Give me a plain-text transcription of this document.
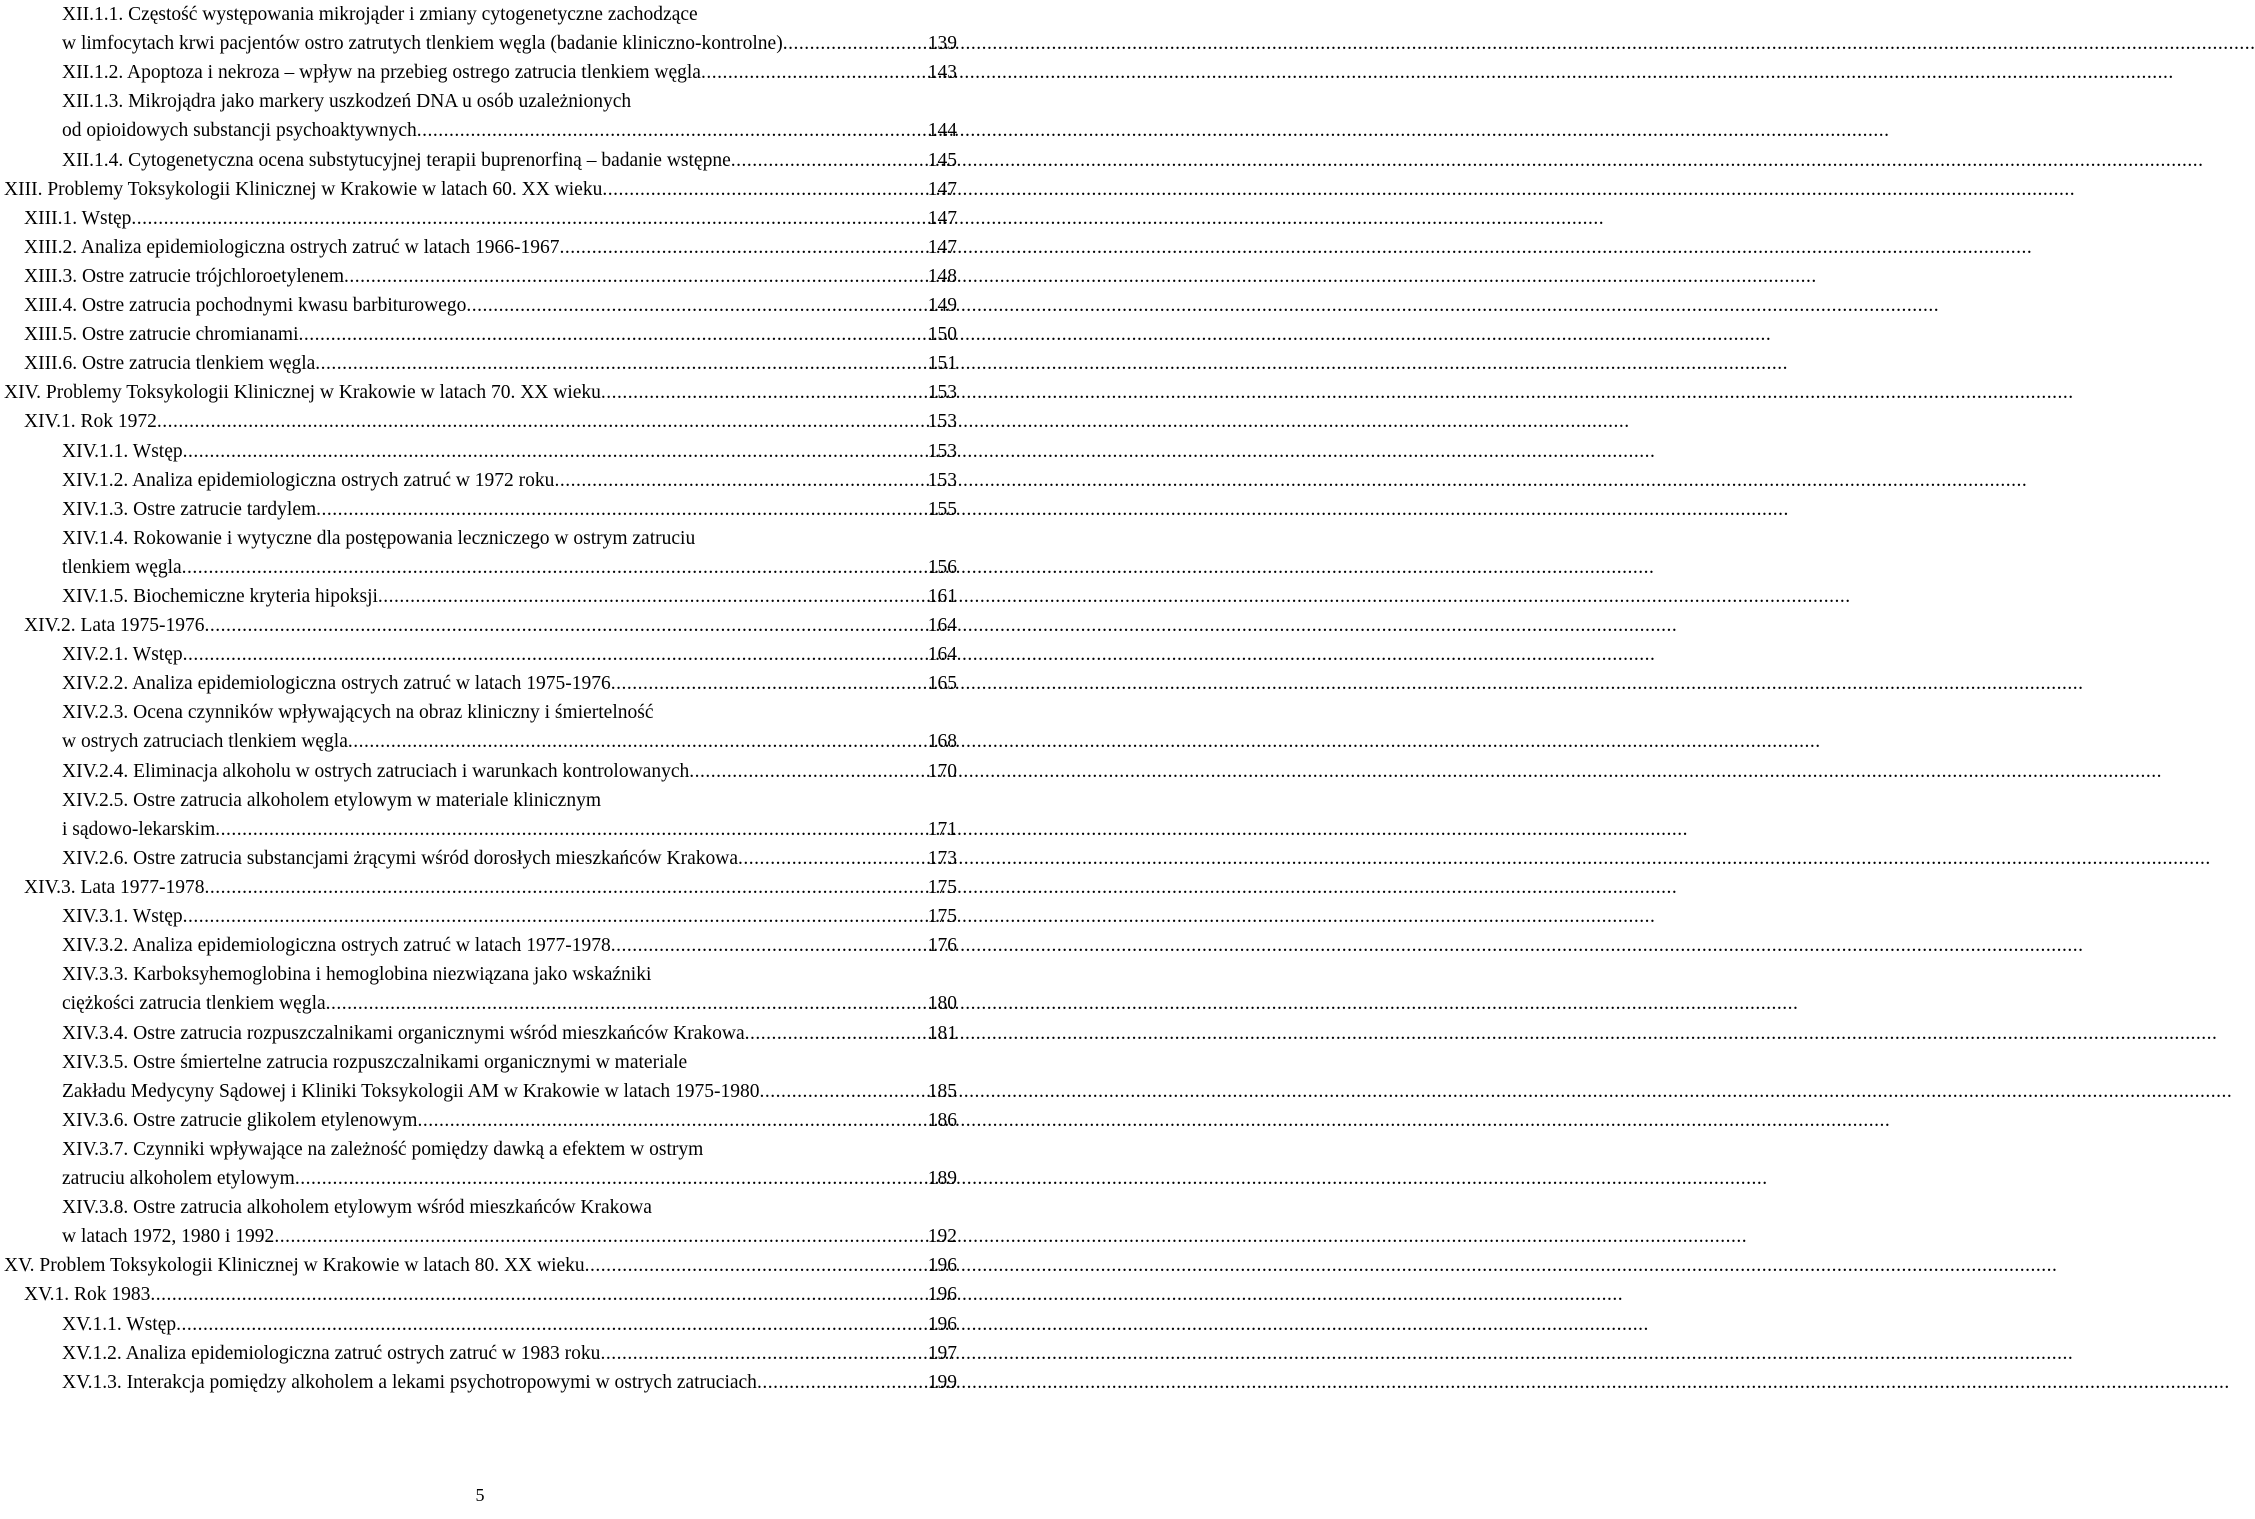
XII.1.1. Częstość występowania mikrojąder i zmiany cytogenetyczne zachodzące
w limfocytach krwi pacjentów ostro zatrutych tlenkiem węgla (badanie kliniczno-kontrolne) .....	139
XII.1.2. Apoptoza i nekroza – wpływ na przebieg ostrego zatrucia tlenkiem węgla .....	143
XII.1.3. Mikrojądra jako markery uszkodzeń DNA u osób uzależnionych
od opioidowych substancji psychoaktywnych .....	144
XII.1.4. Cytogenetyczna ocena substytucyjnej terapii buprenorfiną – badanie wstępne .....	145
XIII. Problemy Toksykologii Klinicznej w Krakowie w latach 60. XX wieku .....	147
XIII.1. Wstęp .....	147
XIII.2. Analiza epidemiologiczna ostrych zatruć w latach 1966-1967 .....	147
XIII.3. Ostre zatrucie trójchloroetylenem .....	148
XIII.4. Ostre zatrucia pochodnymi kwasu barbiturowego .....	149
XIII.5. Ostre zatrucie chromianami .....	150
XIII.6. Ostre zatrucia tlenkiem węgla .....	151
XIV. Problemy Toksykologii Klinicznej w Krakowie w latach 70. XX wieku .....	153
XIV.1. Rok 1972 .....	153
XIV.1.1. Wstęp .....	153
XIV.1.2. Analiza epidemiologiczna ostrych zatruć w 1972 roku .....	153
XIV.1.3. Ostre zatrucie tardylem .....	155
XIV.1.4. Rokowanie i wytyczne dla postępowania leczniczego w ostrym zatruciu
tlenkiem węgla .....	156
XIV.1.5. Biochemiczne kryteria hipoksji .....	161
XIV.2. Lata 1975-1976 .....	164
XIV.2.1. Wstęp .....	164
XIV.2.2. Analiza epidemiologiczna ostrych zatruć w latach 1975-1976 .....	165
XIV.2.3. Ocena czynników wpływających na obraz kliniczny i śmiertelność
w ostrych zatruciach tlenkiem węgla .....	168
XIV.2.4. Eliminacja alkoholu w ostrych zatruciach i warunkach kontrolowanych .....	170
XIV.2.5. Ostre zatrucia alkoholem etylowym w materiale klinicznym
i sądowo-lekarskim .....	171
XIV.2.6. Ostre zatrucia substancjami żrącymi wśród dorosłych mieszkańców Krakowa .....	173
XIV.3. Lata 1977-1978 .....	175
XIV.3.1. Wstęp .....	175
XIV.3.2. Analiza epidemiologiczna ostrych zatruć w latach 1977-1978 .....	176
XIV.3.3. Karboksyhemoglobina i hemoglobina niezwiązana jako wskaźniki
ciężkości zatrucia tlenkiem węgla .....	180
XIV.3.4. Ostre zatrucia rozpuszczalnikami organicznymi wśród mieszkańców Krakowa .....	181
XIV.3.5. Ostre śmiertelne zatrucia rozpuszczalnikami organicznymi w materiale
Zakładu Medycyny Sądowej i Kliniki Toksykologii AM w Krakowie w latach 1975-1980 .....	185
XIV.3.6. Ostre zatrucie glikolem etylenowym .....	186
XIV.3.7. Czynniki wpływające na zależność pomiędzy dawką a efektem w ostrym
zatruciu alkoholem etylowym .....	189
XIV.3.8. Ostre zatrucia alkoholem etylowym wśród mieszkańców Krakowa
w latach 1972, 1980 i 1992 .....	192
XV. Problem Toksykologii Klinicznej w Krakowie w latach 80. XX wieku .....	196
XV.1. Rok 1983 .....	196
XV.1.1. Wstęp .....	196
XV.1.2. Analiza epidemiologiczna zatruć ostrych zatruć w 1983 roku .....	197
XV.1.3. Interakcja pomiędzy alkoholem a lekami psychotropowymi w ostrych zatruciach .....	199
5
